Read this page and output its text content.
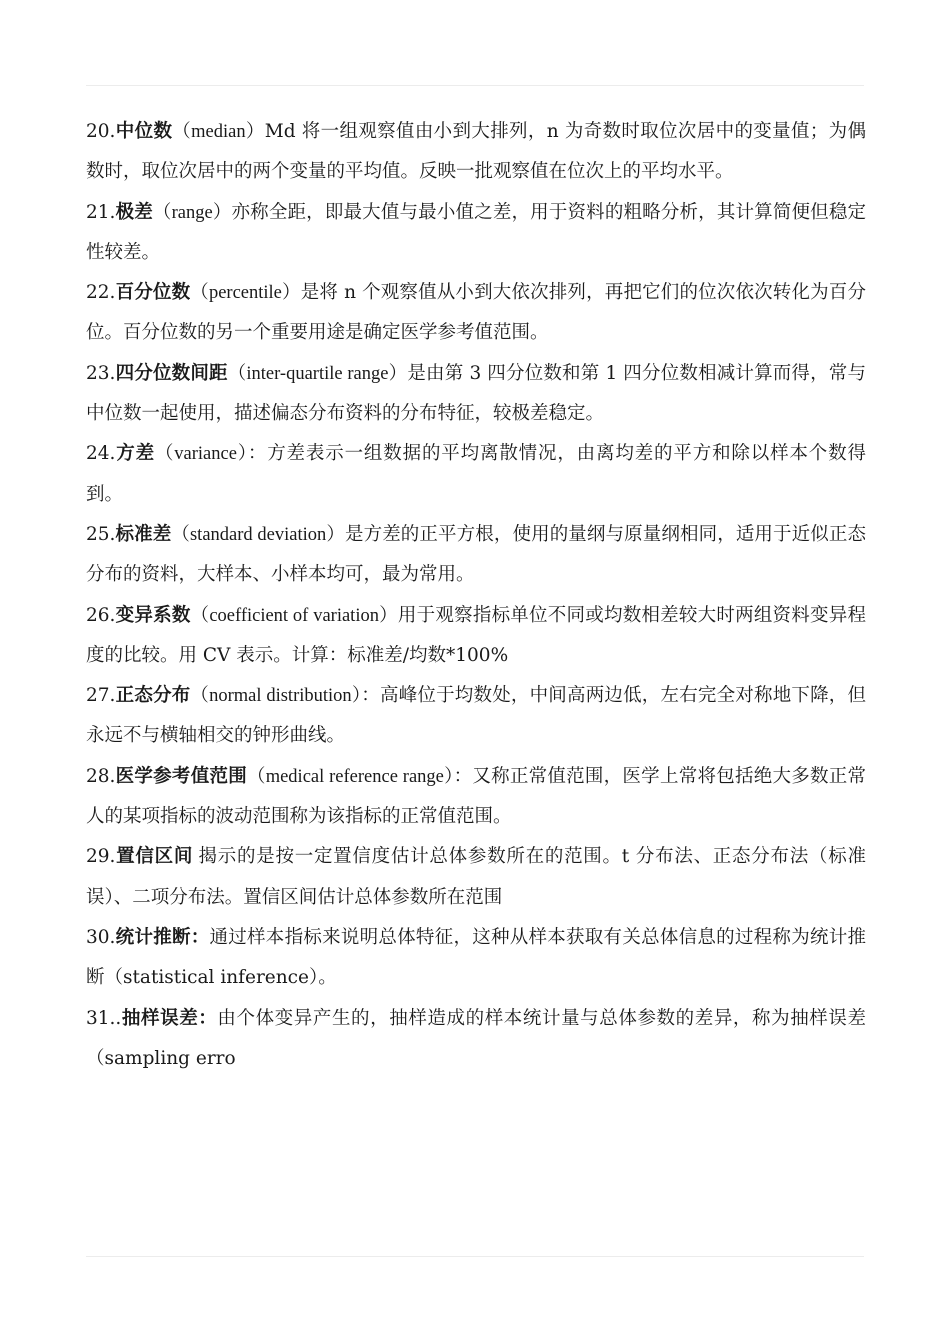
20.中位数（median）Md 将一组观察值由小到大排列，n 为奇数时取位次居中的变量值；为偶数时，取位次居中的两个变量的平均值。反映一批观察值在位次上的平均水平。

21.极差（range）亦称全距，即最大值与最小值之差，用于资料的粗略分析，其计算简便但稳定性较差。

22.百分位数（percentile）是将 n 个观察值从小到大依次排列，再把它们的位次依次转化为百分位。百分位数的另一个重要用途是确定医学参考值范围。

23.四分位数间距（inter-quartile range）是由第 3 四分位数和第 1 四分位数相减计算而得，常与中位数一起使用，描述偏态分布资料的分布特征，较极差稳定。

24.方差（variance）：方差表示一组数据的平均离散情况，由离均差的平方和除以样本个数得到。

25.标准差（standard deviation）是方差的正平方根，使用的量纲与原量纲相同，适用于近似正态分布的资料，大样本、小样本均可，最为常用。

26.变异系数（coefficient of variation）用于观察指标单位不同或均数相差较大时两组资料变异程度的比较。用 CV 表示。计算：标准差/均数*100%

27.正态分布（normal distribution）：高峰位于均数处，中间高两边低，左右完全对称地下降，但永远不与横轴相交的钟形曲线。

28.医学参考值范围（medical reference range）：又称正常值范围，医学上常将包括绝大多数正常人的某项指标的波动范围称为该指标的正常值范围。

29.置信区间 揭示的是按一定置信度估计总体参数所在的范围。t 分布法、正态分布法（标准误）、二项分布法。置信区间估计总体参数所在范围

30.统计推断：通过样本指标来说明总体特征，这种从样本获取有关总体信息的过程称为统计推断（statistical inference）。

31..抽样误差：由个体变异产生的，抽样造成的样本统计量与总体参数的差异，称为抽样误差（sampling erro
